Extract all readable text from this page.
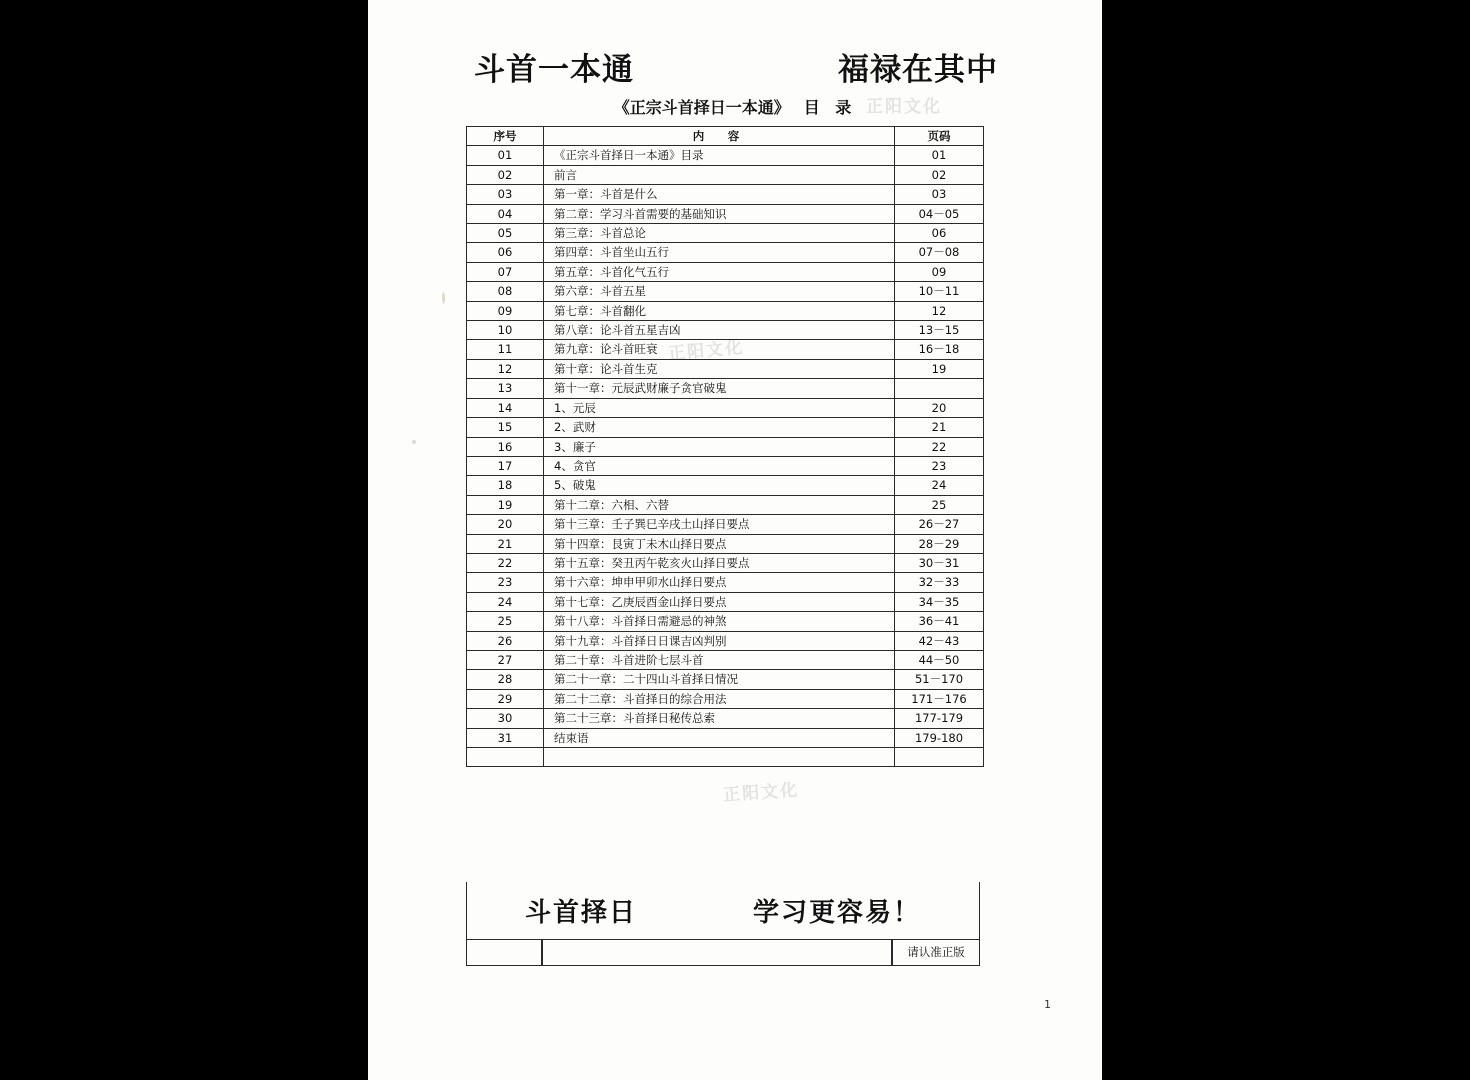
斗首一本通	福禄在其中
《正宗斗首择日一本通》 目 录 正阳文化
正阳文化
正阳文化
序号	内　容	页码
01	《正宗斗首择日一本通》目录	01
02	前言	02
03	第一章：斗首是什么	03
04	第二章：学习斗首需要的基础知识	04－05
05	第三章：斗首总论	06
06	第四章：斗首坐山五行	07－08
07	第五章：斗首化气五行	09
08	第六章：斗首五星	10－11
09	第七章：斗首翻化	12
10	第八章：论斗首五星吉凶	13－15
11	第九章：论斗首旺衰	16－18
12	第十章：论斗首生克	19
13	第十一章：元辰武财廉子贪官破鬼	
14	1、元辰	20
15	2、武财	21
16	3、廉子	22
17	4、贪官	23
18	5、破鬼	24
19	第十二章：六相、六替	25
20	第十三章：壬子巽巳辛戌土山择日要点	26－27
21	第十四章：艮寅丁未木山择日要点	28－29
22	第十五章：癸丑丙午乾亥火山择日要点	30－31
23	第十六章：坤申甲卯水山择日要点	32－33
24	第十七章：乙庚辰酉金山择日要点	34－35
25	第十八章：斗首择日需避忌的神煞	36－41
26	第十九章：斗首择日日课吉凶判别	42－43
27	第二十章：斗首进阶七层斗首	44－50
28	第二十一章：二十四山斗首择日情况	51－170
29	第二十二章：斗首择日的综合用法	171－176
30	第二十三章：斗首择日秘传总索	177-179
31	结束语	179-180

斗首择日	学习更容易！
请认准正版
1
